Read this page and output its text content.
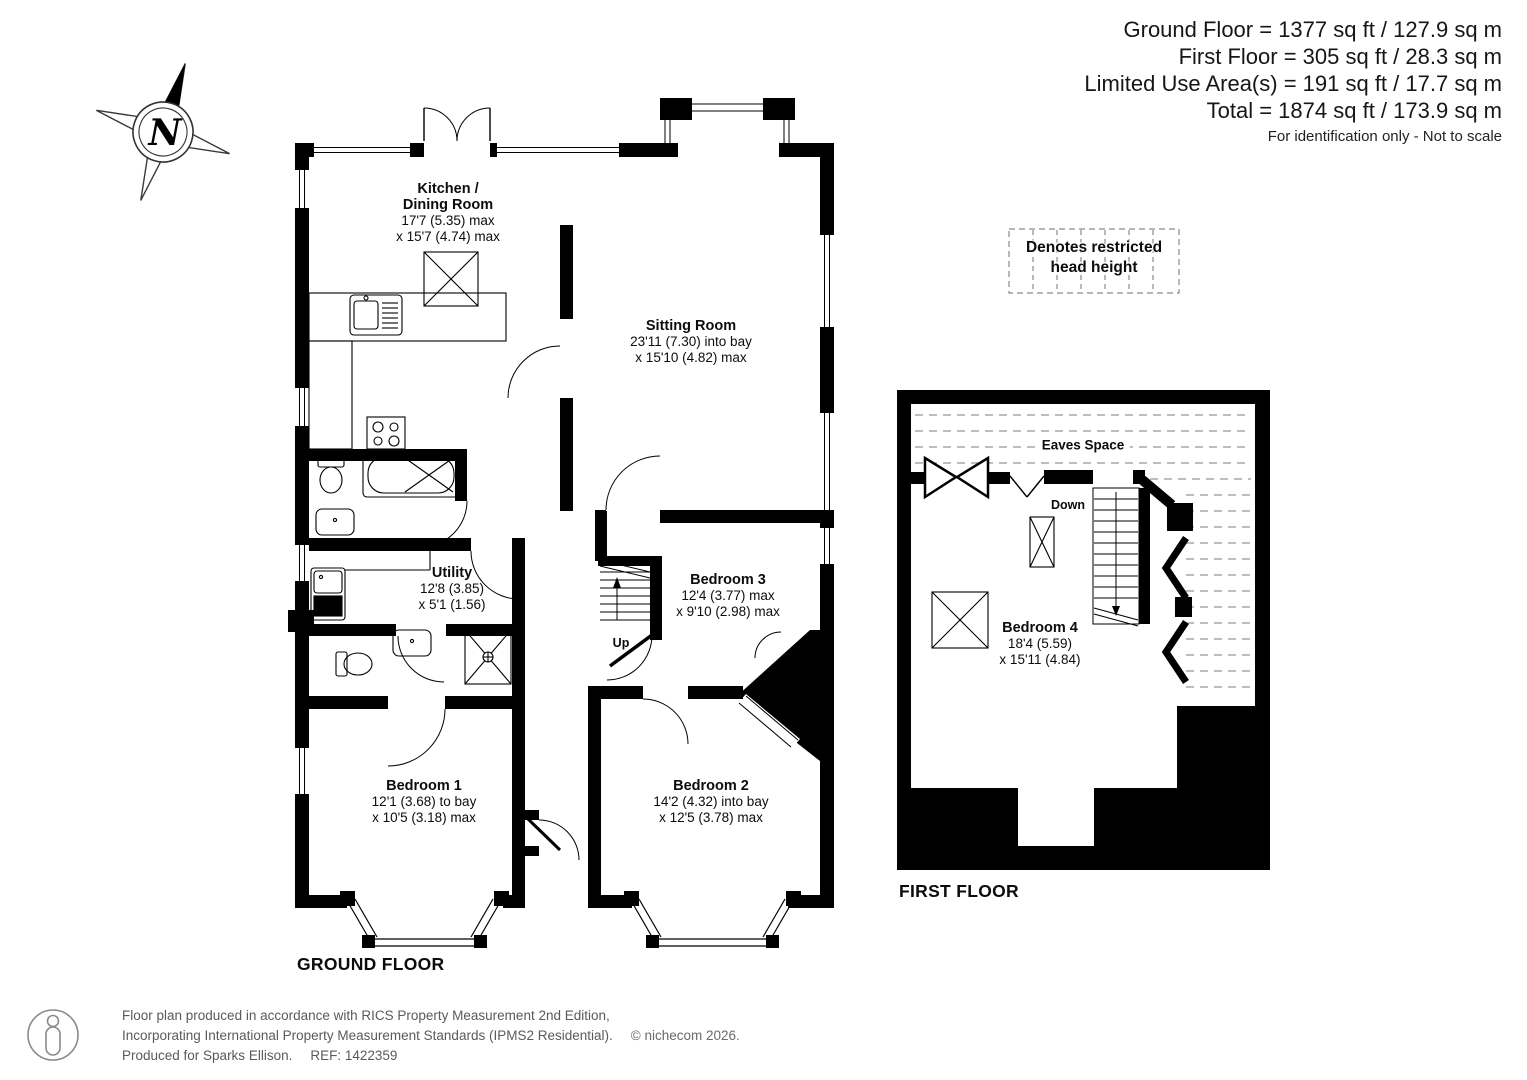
Ground Floor = 1377 sq ft / 127.9 sq m
First Floor = 305 sq ft / 28.3 sq m
Limited Use Area(s) = 191 sq ft / 17.7 sq m
Total = 1874 sq ft / 173.9 sq m
For identification only - Not to scale
N
Denotes restricted
head height
Kitchen /
Dining Room
17'7 (5.35) max
x 15'7 (4.74) max
Sitting Room
23'11 (7.30) into bay
x 15'10 (4.82) max
Utility
12'8 (3.85)
x 5'1 (1.56)
Bedroom 3
12'4 (3.77) max
x 9'10 (2.98) max
Bedroom 1
12'1 (3.68) to bay
x 10'5 (3.18) max
Bedroom 2
14'2 (4.32) into bay
x 12'5 (3.78) max
Up
Bedroom 4
18'4 (5.59)
x 15'11 (4.84)
Eaves Space
Down
GROUND FLOOR
FIRST FLOOR
Floor plan produced in accordance with RICS Property Measurement 2nd Edition,
Incorporating International Property Measurement Standards (IPMS2 Residential). © nichecom 2026.
Produced for Sparks Ellison. REF: 1422359
